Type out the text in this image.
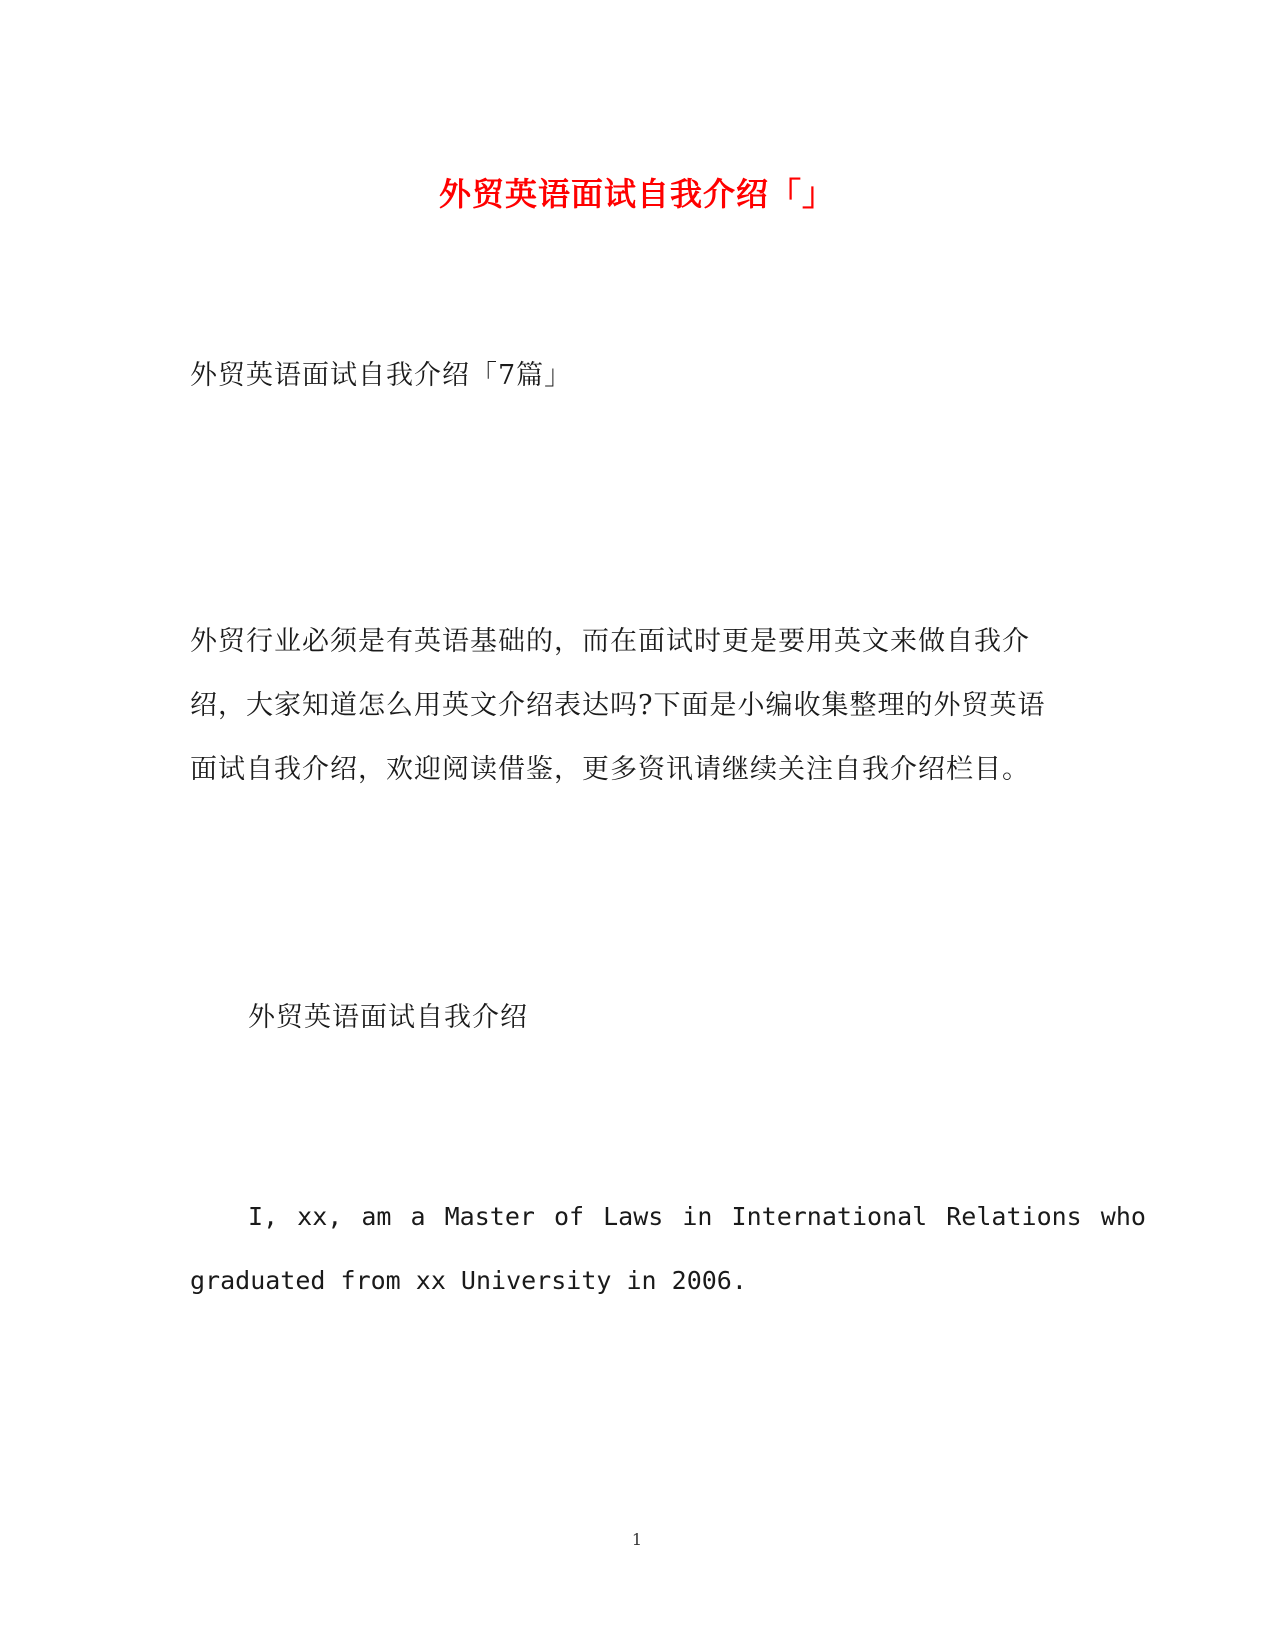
外贸英语面试自我介绍「」
外贸英语面试自我介绍「7篇」
外贸行业必须是有英语基础的，而在面试时更是要用英文来做自我介
绍，大家知道怎么用英文介绍表达吗?下面是小编收集整理的外贸英语
面试自我介绍，欢迎阅读借鉴，更多资讯请继续关注自我介绍栏目。
外贸英语面试自我介绍
I, xx, am a Master of Laws in International Relations who
graduated from xx University in 2006.
1
